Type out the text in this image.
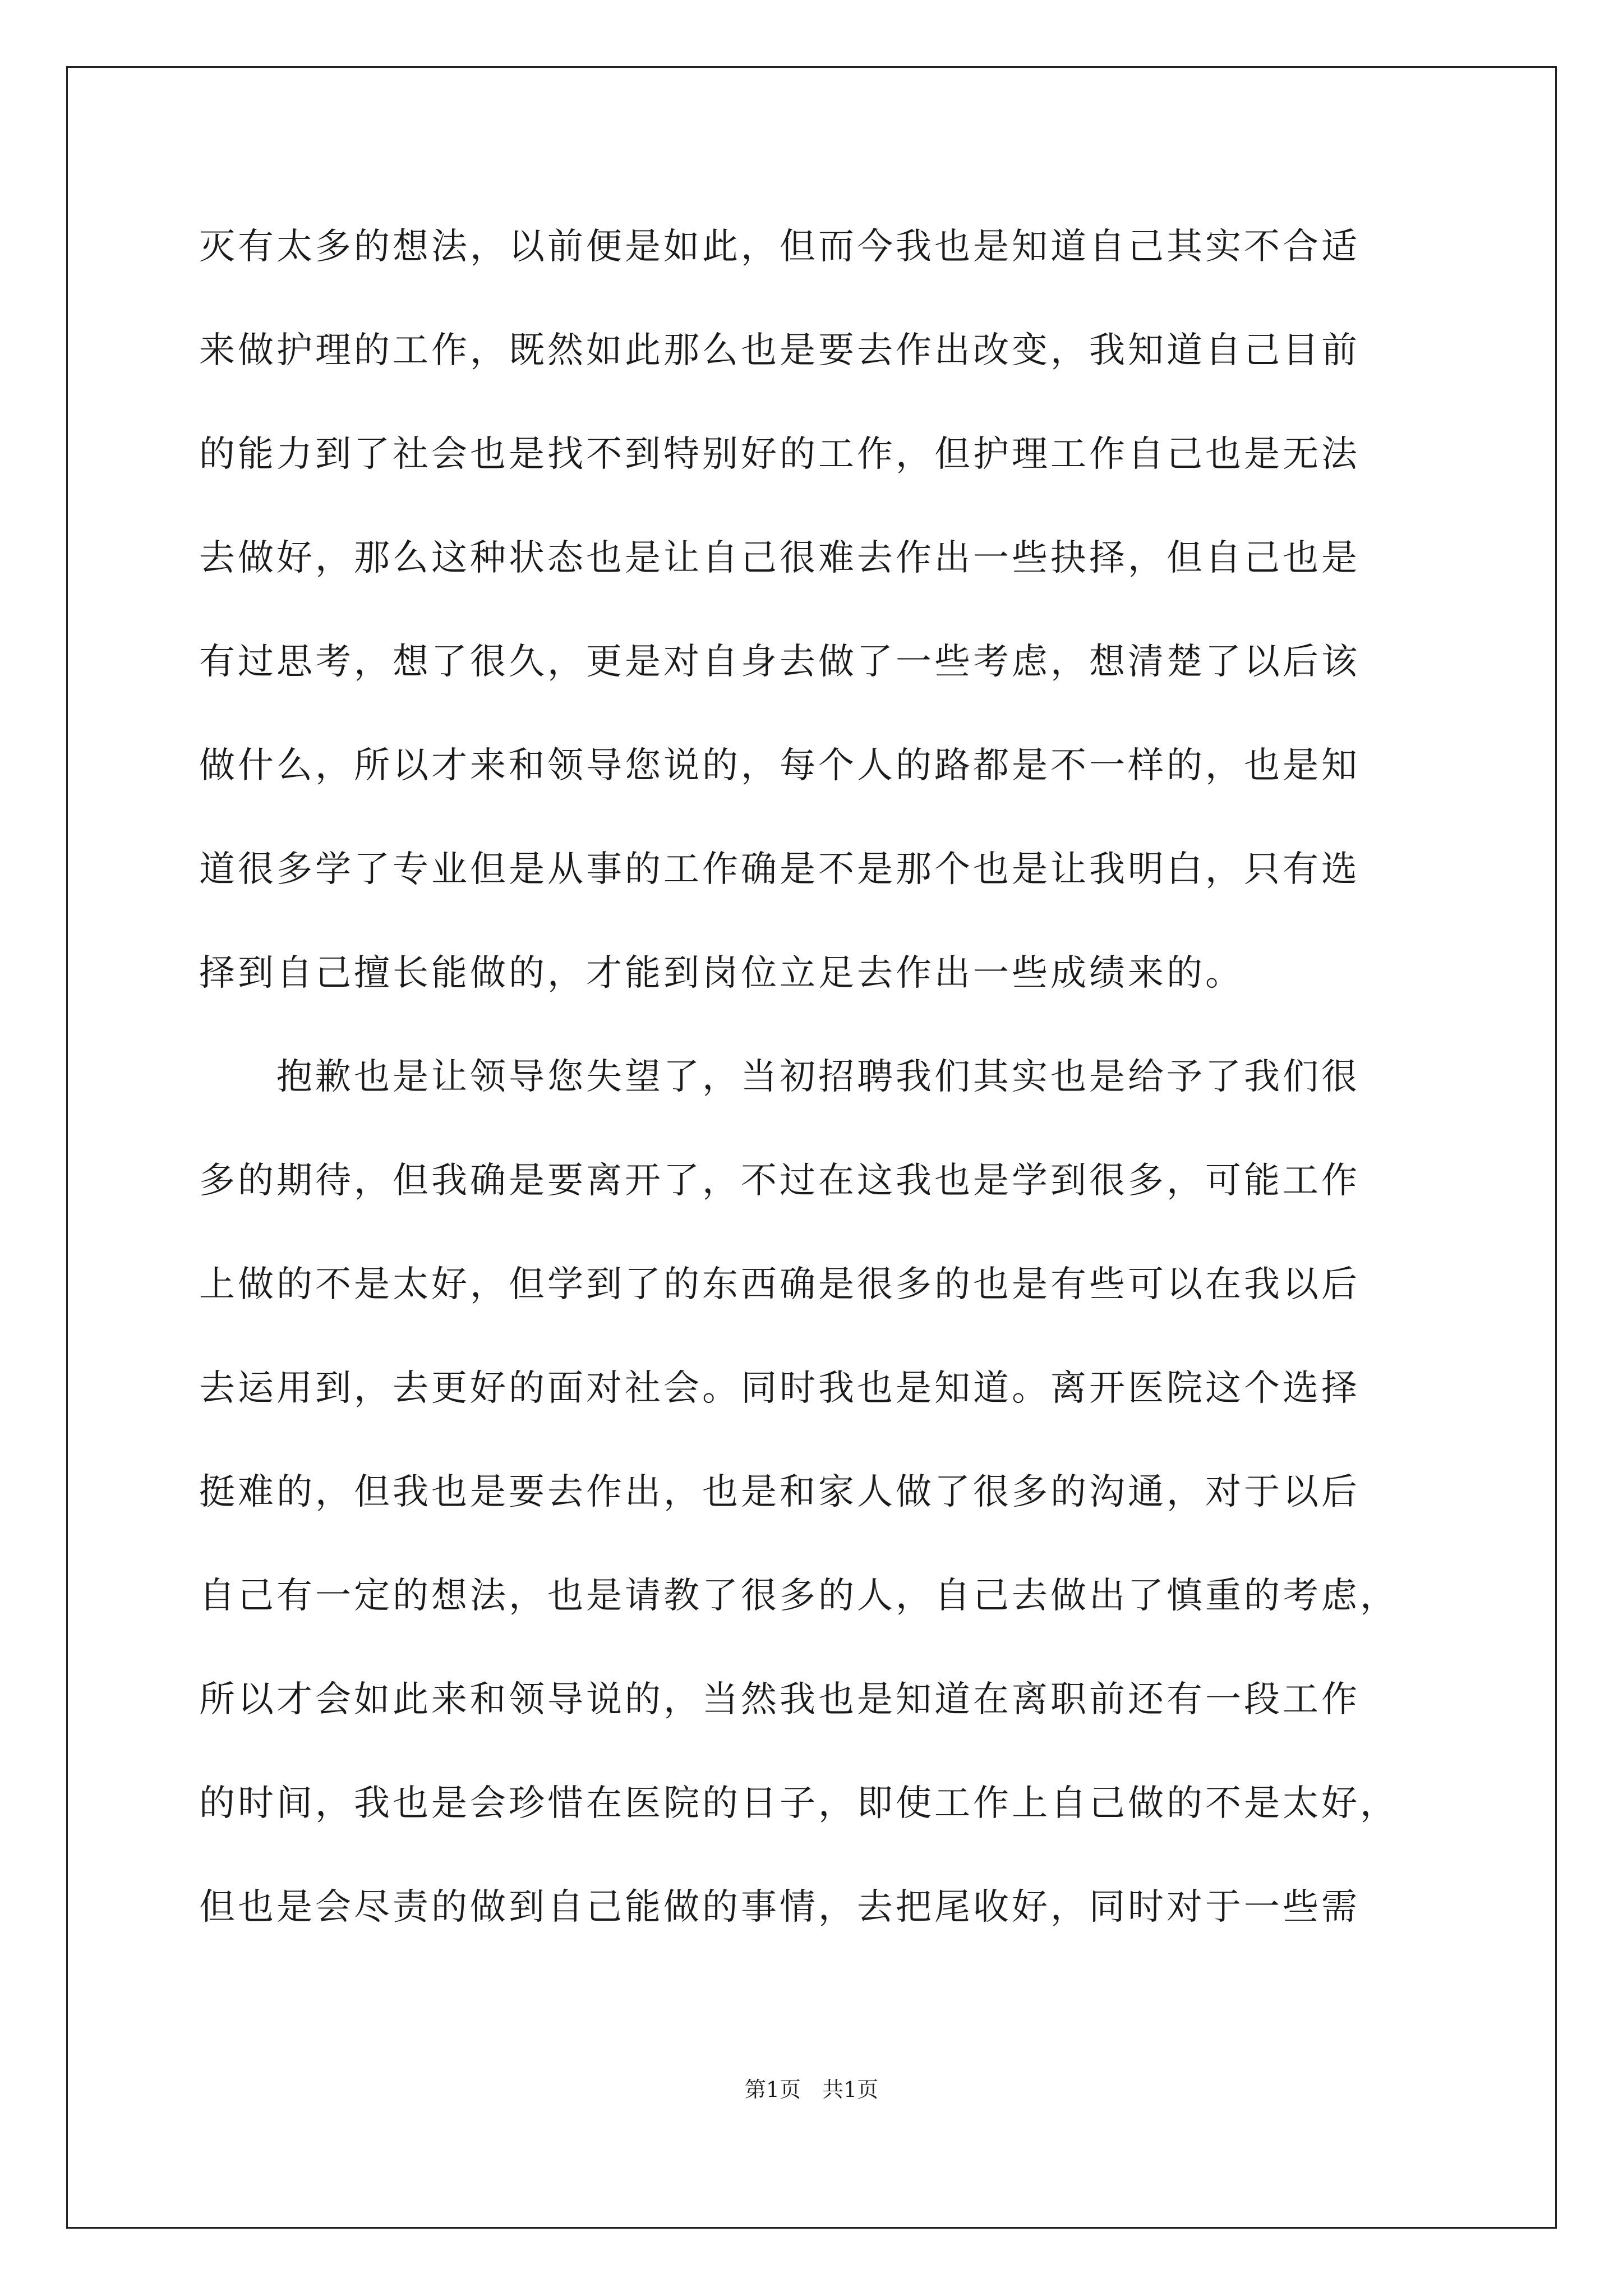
灭有太多的想法，以前便是如此，但而今我也是知道自己其实不合适
来做护理的工作，既然如此那么也是要去作出改变，我知道自己目前
的能力到了社会也是找不到特别好的工作，但护理工作自己也是无法
去做好，那么这种状态也是让自己很难去作出一些抉择，但自己也是
有过思考，想了很久，更是对自身去做了一些考虑，想清楚了以后该
做什么，所以才来和领导您说的，每个人的路都是不一样的，也是知
道很多学了专业但是从事的工作确是不是那个也是让我明白，只有选
择到自己擅长能做的，才能到岗位立足去作出一些成绩来的。
　　抱歉也是让领导您失望了，当初招聘我们其实也是给予了我们很
多的期待，但我确是要离开了，不过在这我也是学到很多，可能工作
上做的不是太好，但学到了的东西确是很多的也是有些可以在我以后
去运用到，去更好的面对社会。同时我也是知道。离开医院这个选择
挺难的，但我也是要去作出，也是和家人做了很多的沟通，对于以后
自己有一定的想法，也是请教了很多的人，自己去做出了慎重的考虑，
所以才会如此来和领导说的，当然我也是知道在离职前还有一段工作
的时间，我也是会珍惜在医院的日子，即使工作上自己做的不是太好，
但也是会尽责的做到自己能做的事情，去把尾收好，同时对于一些需
第1页　共1页
